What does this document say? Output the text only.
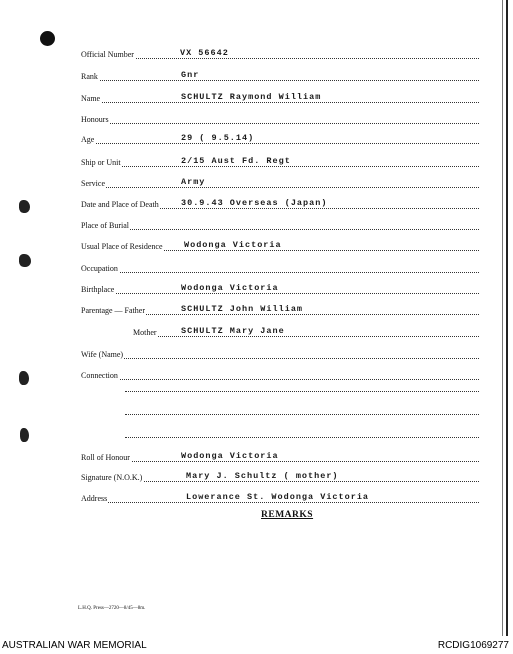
Official Number	VX 56642
Rank	Gnr
Name	SCHULTZ Raymond William
Honours
Age	29 ( 9.5.14)
Ship or Unit	2/15 Aust Fd. Regt
Service	Army
Date and Place of Death	30.9.43 Overseas (Japan)
Place of Burial
Usual Place of Residence	Wodonga Victoria
Occupation
Birthplace	Wodonga Victoria
Parentage — Father	SCHULTZ John William
Mother	SCHULTZ Mary Jane
Wife (Name)
Connection
Roll of Honour	Wodonga Victoria
Signature (N.O.K.)	Mary J. Schultz ( mother)
Address	Lowerance St. Wodonga Victoria
REMARKS
L.H.Q. Press—2720—8/45—8m.
AUSTRALIAN WAR MEMORIAL	RCDIG1069277
